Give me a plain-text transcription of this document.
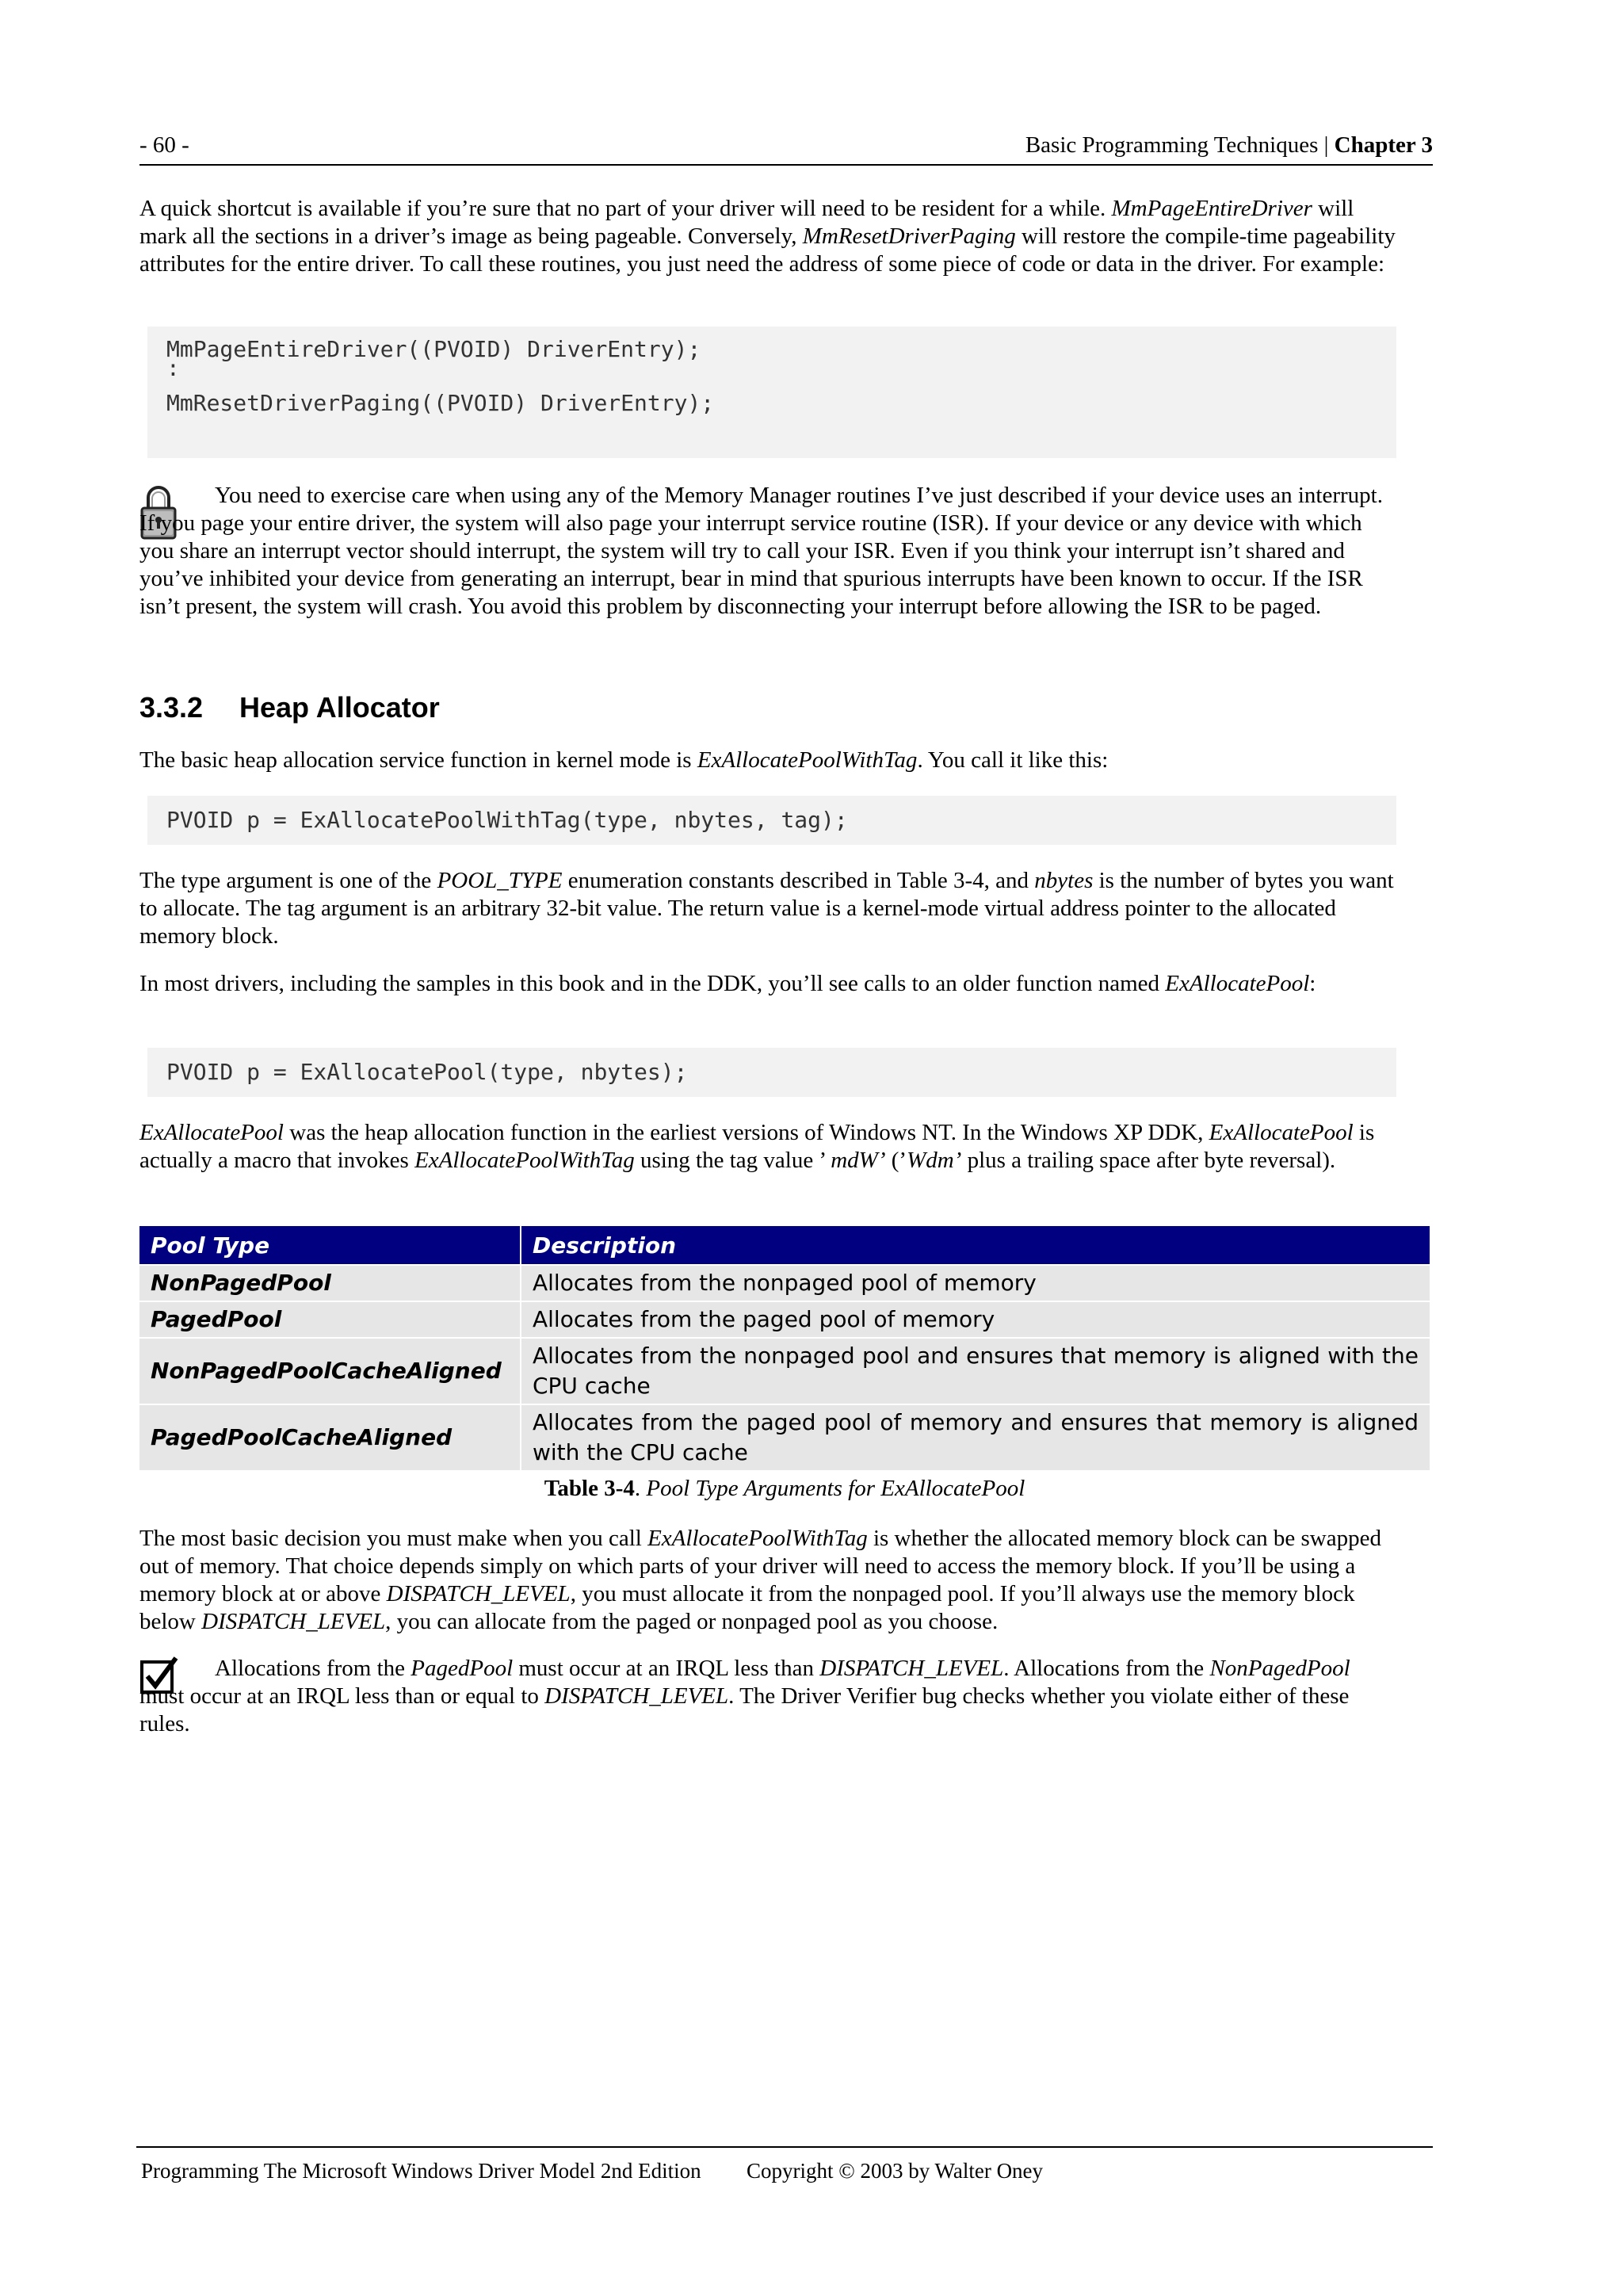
- 60 -	Basic Programming Techniques | Chapter 3

A quick shortcut is available if you’re sure that no part of your driver will need to be resident for a while. MmPageEntireDriver will mark all the sections in a driver’s image as being pageable. Conversely, MmResetDriverPaging will restore the compile-time pageability attributes for the entire driver. To call these routines, you just need the address of some piece of code or data in the driver. For example:

MmPageEntireDriver((PVOID) DriverEntry);
:
MmResetDriverPaging((PVOID) DriverEntry);

You need to exercise care when using any of the Memory Manager routines I’ve just described if your device uses an interrupt. If you page your entire driver, the system will also page your interrupt service routine (ISR). If your device or any device with which you share an interrupt vector should interrupt, the system will try to call your ISR. Even if you think your interrupt isn’t shared and you’ve inhibited your device from generating an interrupt, bear in mind that spurious interrupts have been known to occur. If the ISR isn’t present, the system will crash. You avoid this problem by disconnecting your interrupt before allowing the ISR to be paged.

3.3.2 Heap Allocator

The basic heap allocation service function in kernel mode is ExAllocatePoolWithTag. You call it like this:

PVOID p = ExAllocatePoolWithTag(type, nbytes, tag);

The type argument is one of the POOL_TYPE enumeration constants described in Table 3-4, and nbytes is the number of bytes you want to allocate. The tag argument is an arbitrary 32-bit value. The return value is a kernel-mode virtual address pointer to the allocated memory block.

In most drivers, including the samples in this book and in the DDK, you’ll see calls to an older function named ExAllocatePool:

PVOID p = ExAllocatePool(type, nbytes);

ExAllocatePool was the heap allocation function in the earliest versions of Windows NT. In the Windows XP DDK, ExAllocatePool is actually a macro that invokes ExAllocatePoolWithTag using the tag value ’ mdW’ (’Wdm’ plus a trailing space after byte reversal).

Pool Type	Description
NonPagedPool	Allocates from the nonpaged pool of memory
PagedPool	Allocates from the paged pool of memory
NonPagedPoolCacheAligned	Allocates from the nonpaged pool and ensures that memory is aligned with the CPU cache
PagedPoolCacheAligned	Allocates from the paged pool of memory and ensures that memory is aligned with the CPU cache
Table 3-4. Pool Type Arguments for ExAllocatePool

The most basic decision you must make when you call ExAllocatePoolWithTag is whether the allocated memory block can be swapped out of memory. That choice depends simply on which parts of your driver will need to access the memory block. If you’ll be using a memory block at or above DISPATCH_LEVEL, you must allocate it from the nonpaged pool. If you’ll always use the memory block below DISPATCH_LEVEL, you can allocate from the paged or nonpaged pool as you choose.

Allocations from the PagedPool must occur at an IRQL less than DISPATCH_LEVEL. Allocations from the NonPagedPool must occur at an IRQL less than or equal to DISPATCH_LEVEL. The Driver Verifier bug checks whether you violate either of these rules.

Programming The Microsoft Windows Driver Model 2nd Edition Copyright © 2003 by Walter Oney
